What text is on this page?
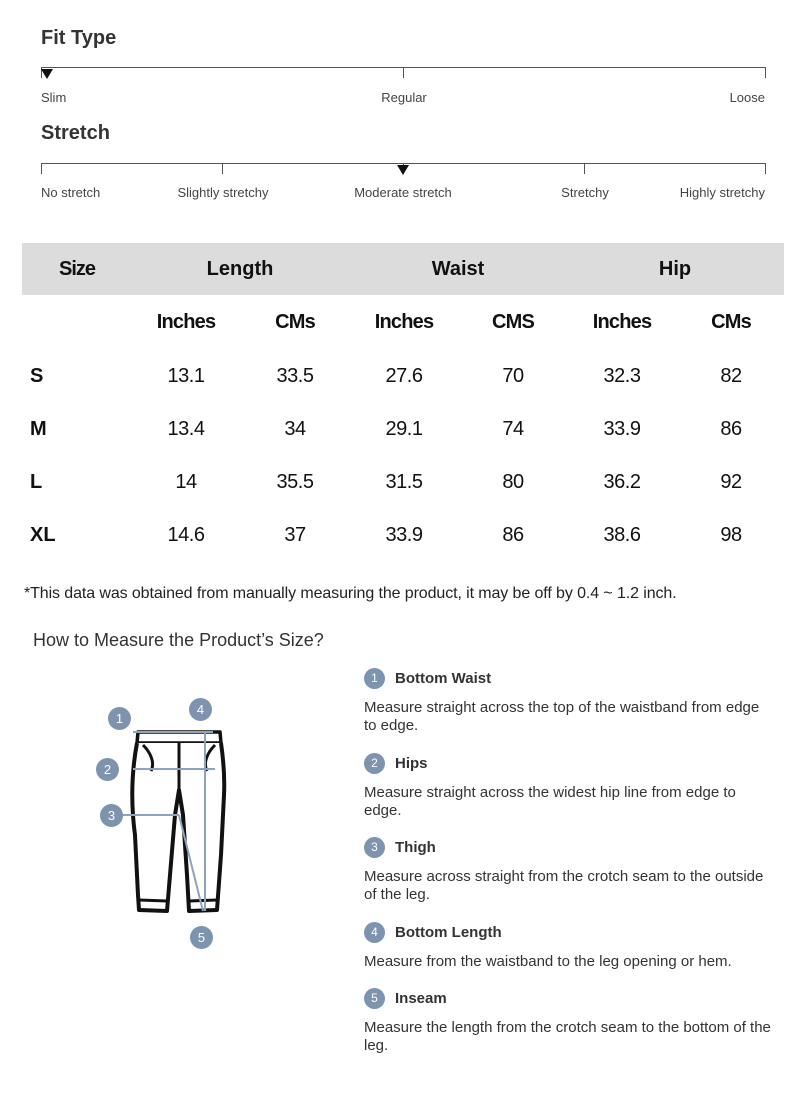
Fit Type
Slim	Regular	Loose
Stretch
No stretch	Slightly stretchy	Moderate stretch	Stretchy	Highly stretchy
Size	Length	Waist	Hip
Inches	CMs	Inches	CMS	Inches	CMs
S	13.1	33.5	27.6	70	32.3	82
M	13.4	34	29.1	74	33.9	86
L	14	35.5	31.5	80	36.2	92
XL	14.6	37	33.9	86	38.6	98
*This data was obtained from manually measuring the product, it may be off by 0.4 ~ 1.2 inch.
How to Measure the Product’s Size?
1
4
2
3
5
1	Bottom Waist
Measure straight across the top of the waistband from edge to edge.
2	Hips
Measure straight across the widest hip line from edge to edge.
3	Thigh
Measure across straight from the crotch seam to the outside of the leg.
4	Bottom Length
Measure from the waistband to the leg opening or hem.
5	Inseam
Measure the length from the crotch seam to the bottom of the leg.
